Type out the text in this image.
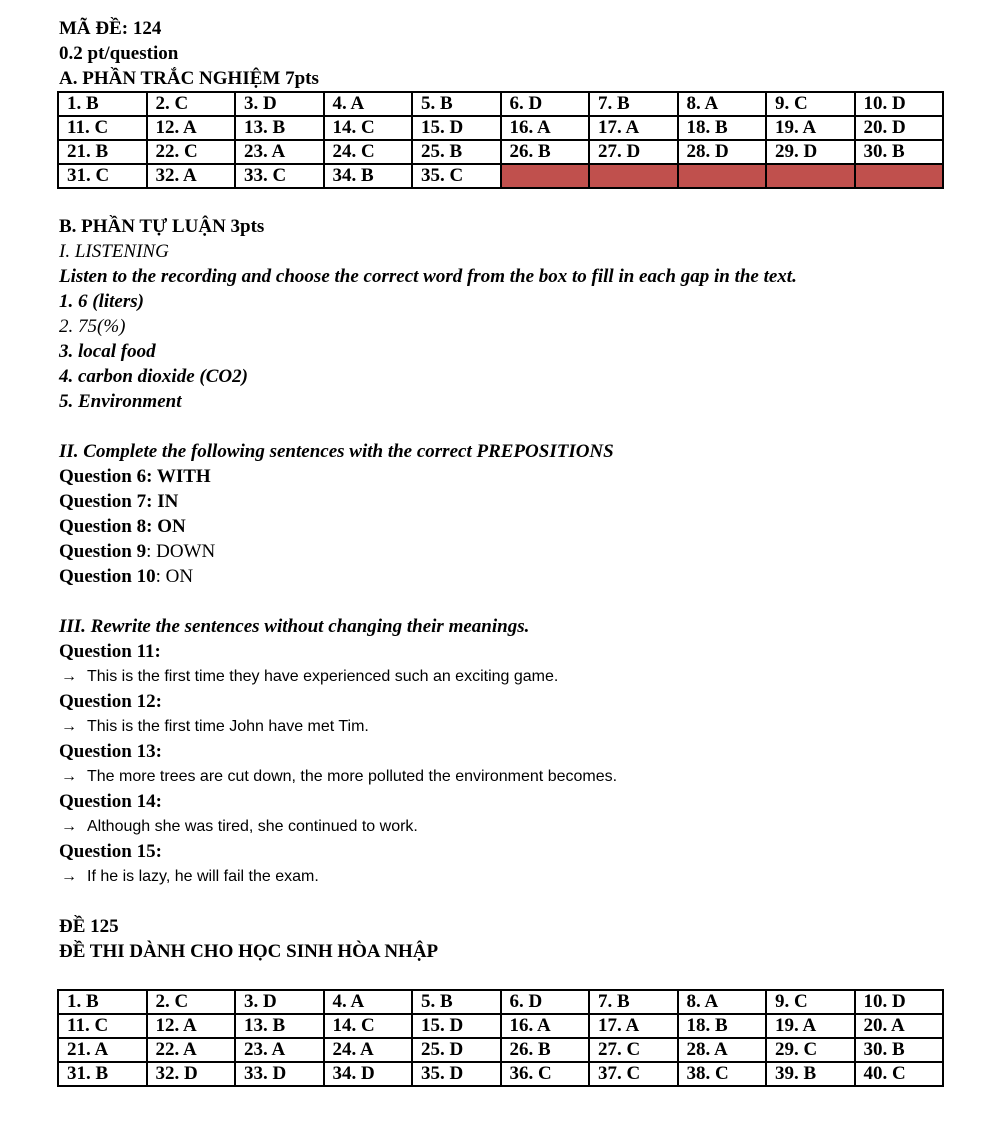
MÃ ĐỀ: 124
0.2 pt/question
A. PHẦN TRẮC NGHIỆM 7pts
1. B	2. C	3. D	4. A	5. B	6. D	7. B	8. A	9. C	10. D
11. C	12. A	13. B	14. C	15. D	16. A	17. A	18. B	19. A	20. D
21. B	22. C	23. A	24. C	25. B	26. B	27. D	28. D	29. D	30. B
31. C	32. A	33. C	34. B	35. C					
B. PHẦN TỰ LUẬN 3pts
I. LISTENING
Listen to the recording and choose the correct word from the box to fill in each gap in the text.
1. 6 (liters)
2. 75(%)
3. local food
4. carbon dioxide (CO2)
5. Environment
II. Complete the following sentences with the correct PREPOSITIONS
Question 6: WITH
Question 7: IN
Question 8: ON
Question 9: DOWN
Question 10: ON
III. Rewrite the sentences without changing their meanings.
Question 11:
→ This is the first time they have experienced such an exciting game.
Question 12:
→ This is the first time John have met Tim.
Question 13:
→ The more trees are cut down, the more polluted the environment becomes.
Question 14:
→ Although she was tired, she continued to work.
Question 15:
→ If he is lazy, he will fail the exam.
ĐỀ 125
ĐỀ THI DÀNH CHO HỌC SINH HÒA NHẬP
1. B	2. C	3. D	4. A	5. B	6. D	7. B	8. A	9. C	10. D
11. C	12. A	13. B	14. C	15. D	16. A	17. A	18. B	19. A	20. A
21. A	22. A	23. A	24. A	25. D	26. B	27. C	28. A	29. C	30. B
31. B	32. D	33. D	34. D	35. D	36. C	37. C	38. C	39. B	40. C
